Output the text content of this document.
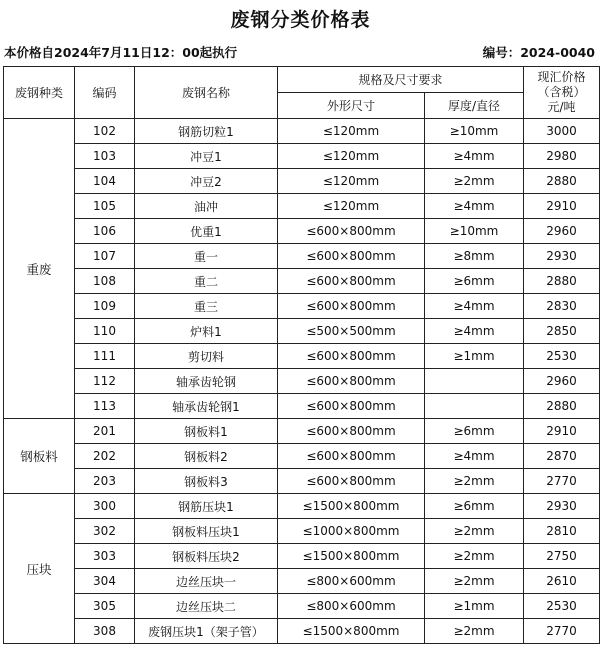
废钢分类价格表
本价格自2024年7月11日12：00起执行	编号：2024-0040
废钢种类	编码	废钢名称	规格及尺寸要求		现汇价格
（含税）
元/吨

			外形尺寸	厚度/直径	
重废	102	钢筋切粒1	≤120mm	≥10mm	3000
	103	冲豆1	≤120mm	≥4mm	2980
	104	冲豆2	≤120mm	≥2mm	2880
	105	油冲	≤120mm	≥4mm	2910
	106	优重1	≤600×800mm	≥10mm	2960
	107	重一	≤600×800mm	≥8mm	2930
	108	重二	≤600×800mm	≥6mm	2880
	109	重三	≤600×800mm	≥4mm	2830
	110	炉料1	≤500×500mm	≥4mm	2850
	111	剪切料	≤600×800mm	≥1mm	2530
	112	轴承齿轮钢	≤600×800mm		2960
	113	轴承齿轮钢1	≤600×800mm		2880
钢板料	201	钢板料1	≤600×800mm	≥6mm	2910
	202	钢板料2	≤600×800mm	≥4mm	2870
	203	钢板料3	≤600×800mm	≥2mm	2770
压块	300	钢筋压块1	≤1500×800mm	≥6mm	2930
	302	钢板料压块1	≤1000×800mm	≥2mm	2810
	303	钢板料压块2	≤1500×800mm	≥2mm	2750
	304	边丝压块一	≤800×600mm	≥2mm	2610
	305	边丝压块二	≤800×600mm	≥1mm	2530
	308	废钢压块1（架子管）	≤1500×800mm	≥2mm	2770
